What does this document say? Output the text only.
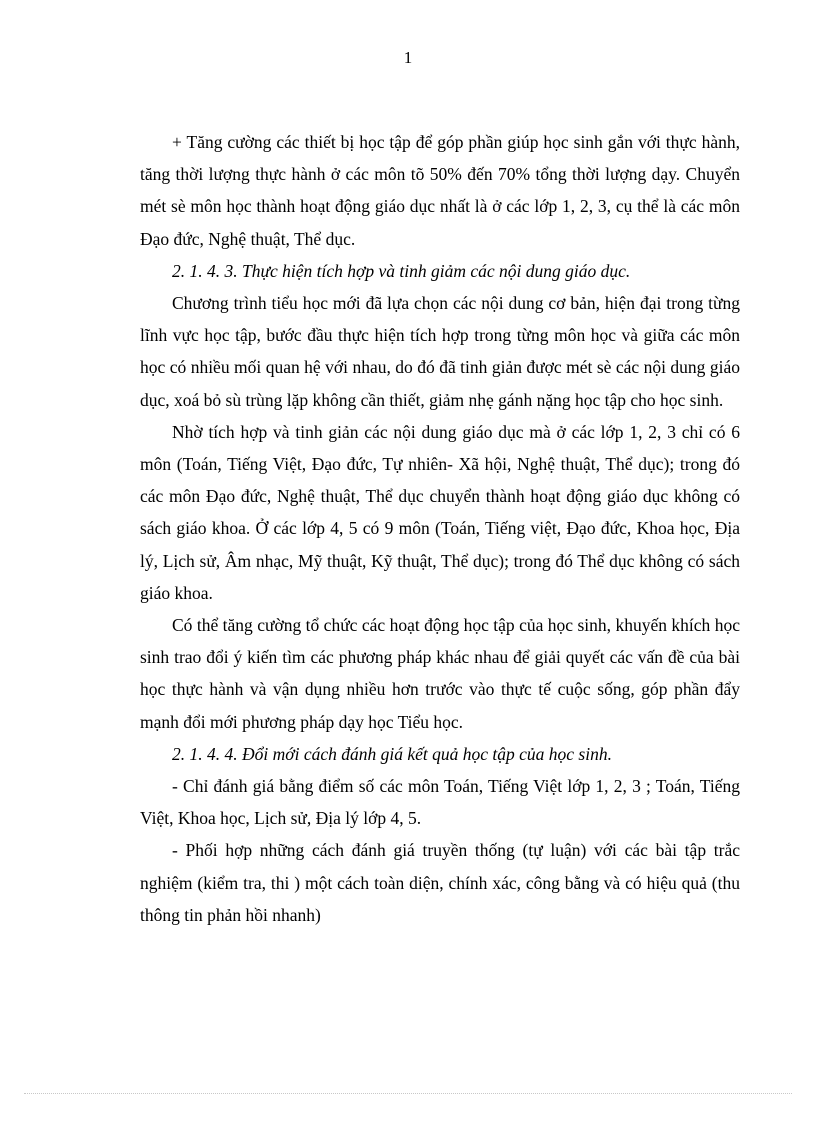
1

+ Tăng cường các thiết bị học tập để góp phần giúp học sinh gắn với thực hành, tăng thời lượng thực hành ở các môn tõ 50% đến 70% tổng thời lượng dạy. Chuyển mét sè môn học thành hoạt động giáo dục nhất là ở các lớp 1, 2, 3, cụ thể là các môn Đạo đức, Nghệ thuật, Thể dục.

2. 1. 4. 3. Thực hiện tích hợp và tinh giảm các nội dung giáo dục.

Chương trình tiểu học mới đã lựa chọn các nội dung cơ bản, hiện đại trong từng lĩnh vực học tập, bước đầu thực hiện tích hợp trong từng môn học và giữa các môn học có nhiều mối quan hệ với nhau, do đó đã tinh giản được mét sè các nội dung giáo dục, xoá bỏ sù trùng lặp không cần thiết, giảm nhẹ gánh nặng học tập cho học sinh.

Nhờ tích hợp và tinh giản các nội dung giáo dục mà ở các lớp 1, 2, 3 chỉ có 6 môn (Toán, Tiếng Việt, Đạo đức, Tự nhiên- Xã hội, Nghệ thuật, Thể dục); trong đó các môn Đạo đức, Nghệ thuật, Thể dục chuyển thành hoạt động giáo dục không có sách giáo khoa. Ở các lớp 4, 5 có 9 môn (Toán, Tiếng việt, Đạo đức, Khoa học, Địa lý, Lịch sử, Âm nhạc, Mỹ thuật, Kỹ thuật, Thể dục); trong đó Thể dục không có sách giáo khoa.

Có thể tăng cường tổ chức các hoạt động học tập của học sinh, khuyến khích học sinh trao đổi ý kiến tìm các phương pháp khác nhau để giải quyết các vấn đề của bài học thực hành và vận dụng nhiều hơn trước vào thực tế cuộc sống, góp phần đẩy mạnh đổi mới phương pháp dạy học Tiểu học.

2. 1. 4. 4. Đổi mới cách đánh giá kết quả học tập của học sinh.

- Chỉ đánh giá bằng điểm số các môn Toán, Tiếng Việt lớp 1, 2, 3 ; Toán, Tiếng Việt, Khoa học, Lịch sử, Địa lý lớp 4, 5.

- Phối hợp những cách đánh giá truyền thống (tự luận) với các bài tập trắc nghiệm (kiểm tra, thi ) một cách toàn diện, chính xác, công bằng và có hiệu quả (thu thông tin phản hồi nhanh)
